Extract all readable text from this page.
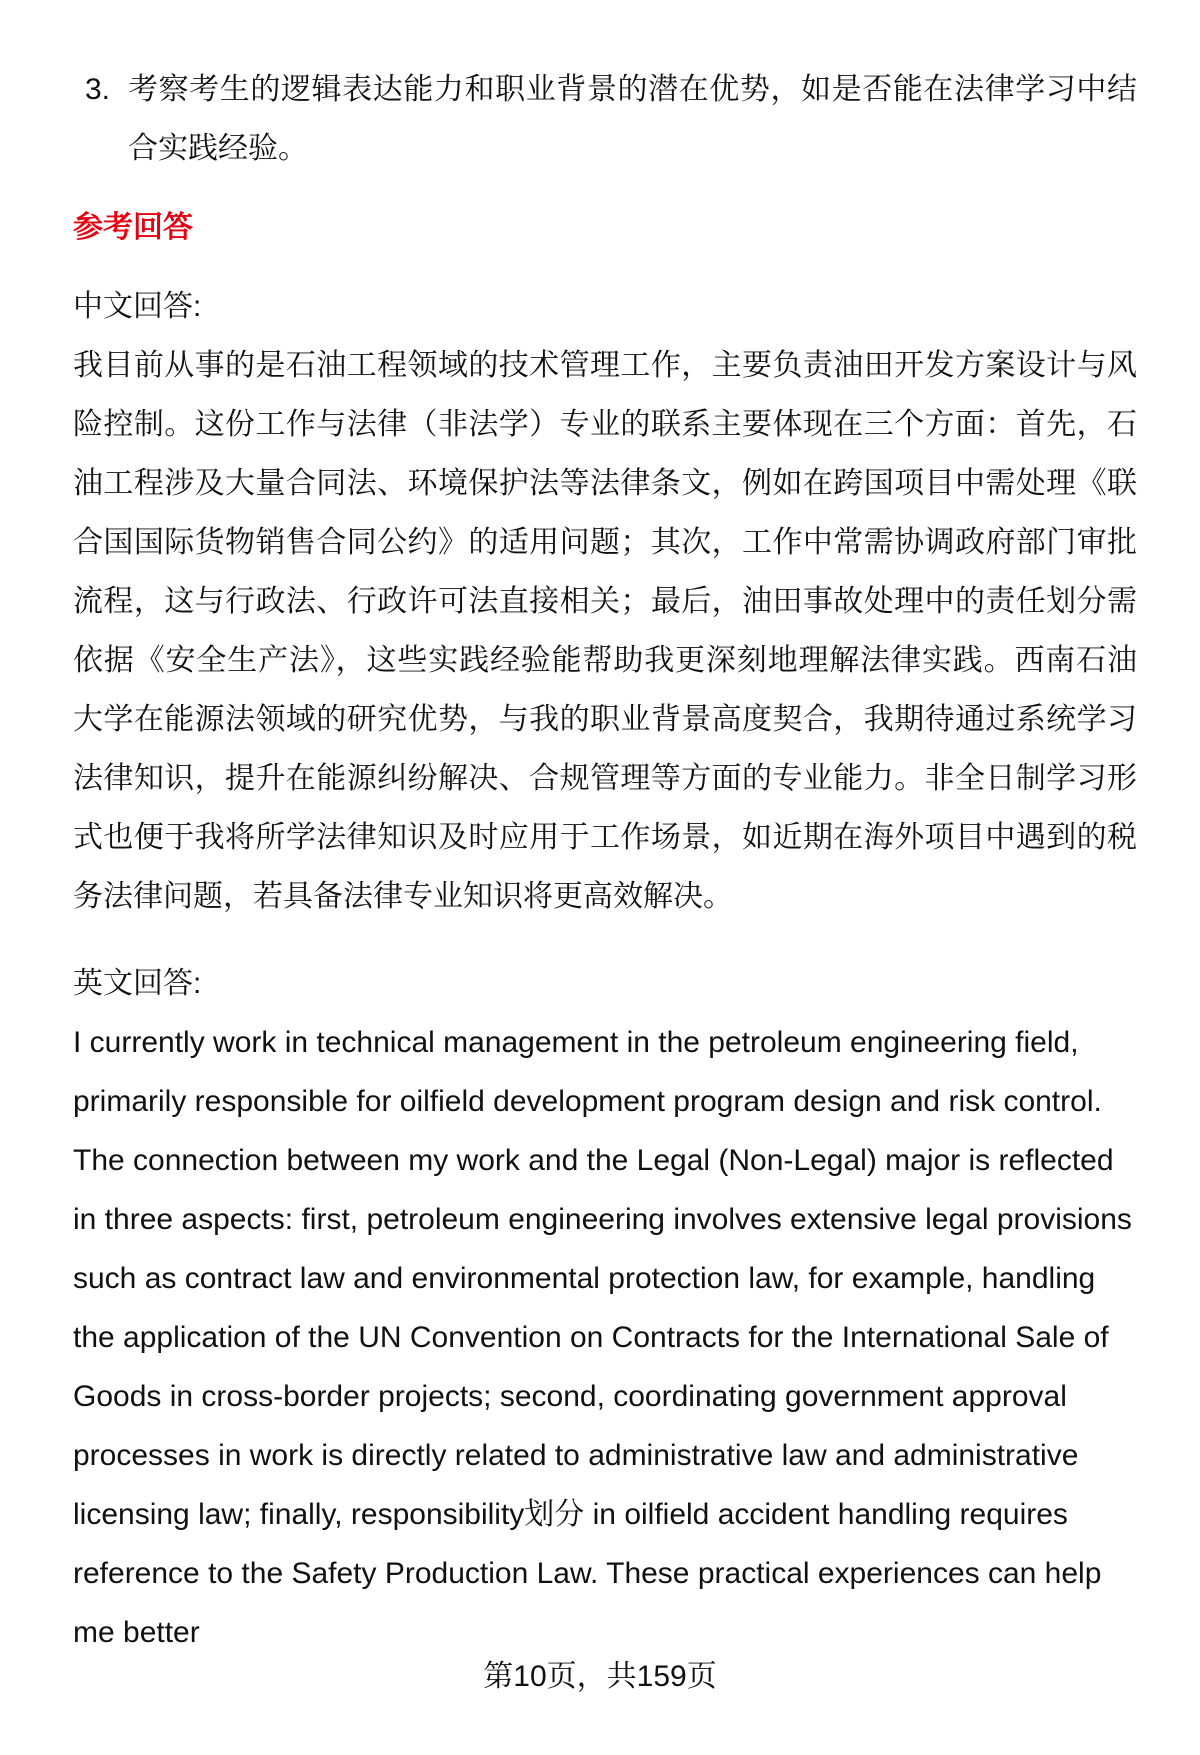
3. 考察考生的逻辑表达能力和职业背景的潜在优势，如是否能在法律学习中结合实践经验。
参考回答
中文回答:

我目前从事的是石油工程领域的技术管理工作，主要负责油田开发方案设计与风险控制。这份工作与法律（非法学）专业的联系主要体现在三个方面：首先，石油工程涉及大量合同法、环境保护法等法律条文，例如在跨国项目中需处理《联合国国际货物销售合同公约》的适用问题；其次，工作中常需协调政府部门审批流程，这与行政法、行政许可法直接相关；最后，油田事故处理中的责任划分需依据《安全生产法》，这些实践经验能帮助我更深刻地理解法律实践。西南石油大学在能源法领域的研究优势，与我的职业背景高度契合，我期待通过系统学习法律知识，提升在能源纠纷解决、合规管理等方面的专业能力。非全日制学习形式也便于我将所学法律知识及时应用于工作场景，如近期在海外项目中遇到的税务法律问题，若具备法律专业知识将更高效解决。

英文回答:

I currently work in technical management in the petroleum engineering field, primarily responsible for oilfield development program design and risk control. The connection between my work and the Legal (Non-Legal) major is reflected in three aspects: first, petroleum engineering involves extensive legal provisions such as contract law and environmental protection law, for example, handling the application of the UN Convention on Contracts for the International Sale of Goods in cross-border projects; second, coordinating government approval processes in work is directly related to administrative law and administrative licensing law; finally, responsibility划分 in oilfield accident handling requires reference to the Safety Production Law. These practical experiences can help me better

第10页，共159页
